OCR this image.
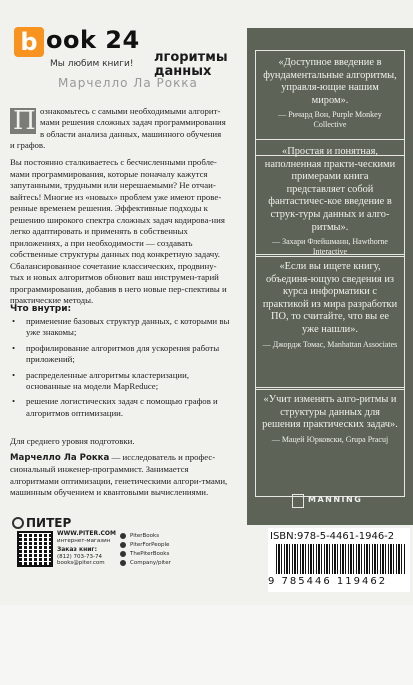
b ook 24
лгоритмы данных
Мы любим книги!
Марчелло Ла Рокка
П ознакомьтесь с самыми необходимыми алгорит-мами решения сложных задач программирования в области анализа данных, машинного обучения
и графов.
Вы постоянно сталкиваетесь с бесчисленными пробле-мами программирования, которые поначалу кажутся запутанными, трудными или нерешаемыми? Не отчаи-вайтесь! Многие из «новых» проблем уже имеют прове-ренные временем решения. Эффективные подходы к решению широкого спектра сложных задач кодирова-ния легко адаптировать и применять в собственных приложениях, а при необходимости — создавать собственные структуры данных под конкретную задачу. Сбалансированное сочетание классических, продвину-тых и новых алгоритмов обновит ваш инструмен-тарий программирования, добавив в него новые пер-спективы и практические методы.
Что внутри:
• применение базовых структур данных, с которыми вы уже знакомы;
• профилирование алгоритмов для ускорения работы приложений;
• распределенные алгоритмы кластеризации, основанные на модели MapReduce;
• решение логистических задач с помощью графов и алгоритмов оптимизации.
Для среднего уровня подготовки.
Марчелло Ла Рокка — исследователь и профес-сиональный инженер-программист. Занимается алгоритмами оптимизации, генетическими алгори-тмами, машинным обучением и квантовыми вычислениями.
ПИТЕР
WWW.PITER.COM
интернет-магазин
Заказ книг:
(812) 703-73-74
books@piter.com
PiterBooks
PiterForPeople
ThePiterBooks
Company/piter
«Доступное введение в фундаментальные алгоритмы, управля-ющие нашим миром».
— Ричард Вон, Purple Monkey Collective
«Простая и понятная, наполненная практи-ческими примерами книга представляет собой фантастичес-кое введение в струк-туры данных и алго-ритмы».
— Захари Флейшманн, Hawthorne Interactive
«Если вы ищете книгу, объединя-ющую сведения из курса информатики с практикой из мира разработки ПО, то считайте, что вы ее уже нашли».
— Джордж Томас, Manhattan Associates
«Учит изменять алго-ритмы и структуры данных для решения практических задач».
— Мацей Юрковски, Grupa Pracuj
MANNING
ISBN:978-5-4461-1946-2
9 785446 119462
